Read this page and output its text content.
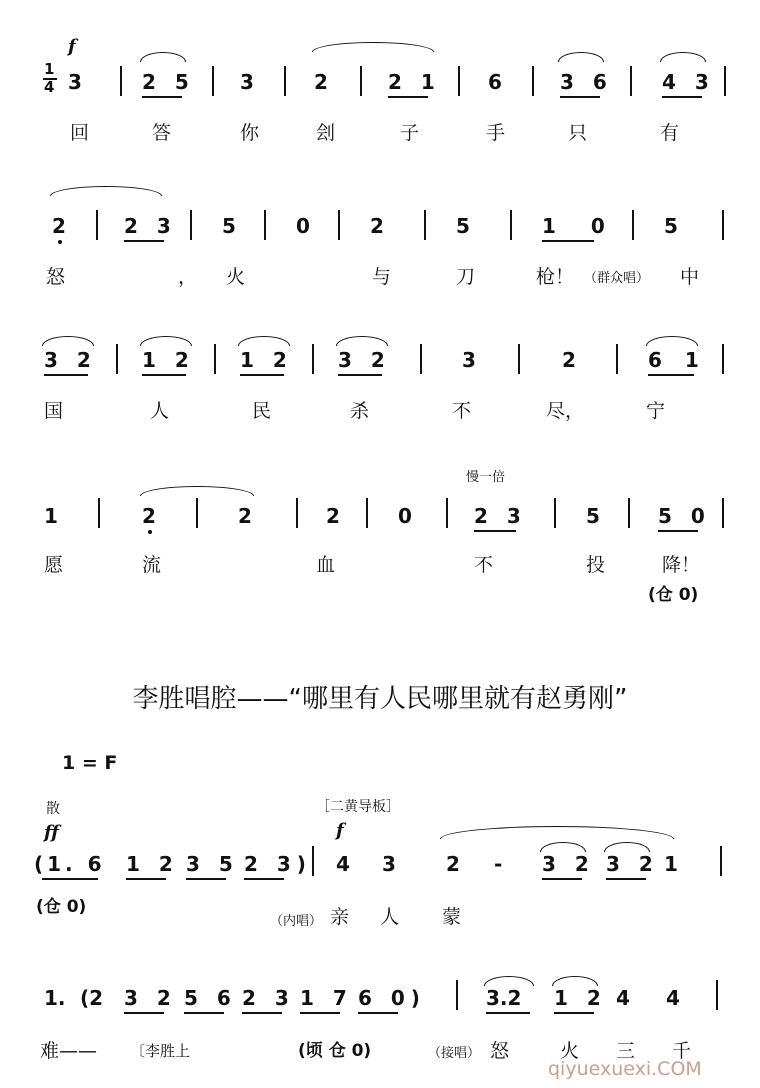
f
1
4 3	2 5 3	2	2 1 6	3 6 4 3
回	答	你	刽	子	手	只	有
2	2 3 5	0	2	5	1 0 5
怒	， 火	与	刀	枪！ （群众唱） 中
3 2 1 2 1 2 3 2	3	2	6 1
国	人	民	杀	不	尽，	宁
慢一倍
1	2	2	2	0	2 3	5	5 0
愿	流	血	不	投	降！
(仓 0)
李胜唱腔——“哪里有人民哪里就有赵勇刚”
1 = F
散
ff
［二黄导板］
f
(1. 6 1 2 3 5 2 3) 4 3	2 - 3 2 3 2 1
(仓 0)
（内唱） 亲 人 蒙
1. (2 3 2 5 6 2 3 1 7 6 0)	3.2 1 2 4 4
难—— 〔李胜上	(顷 仓 0)	（接唱） 怒	火 三 千
qiyuexuexi.COM
